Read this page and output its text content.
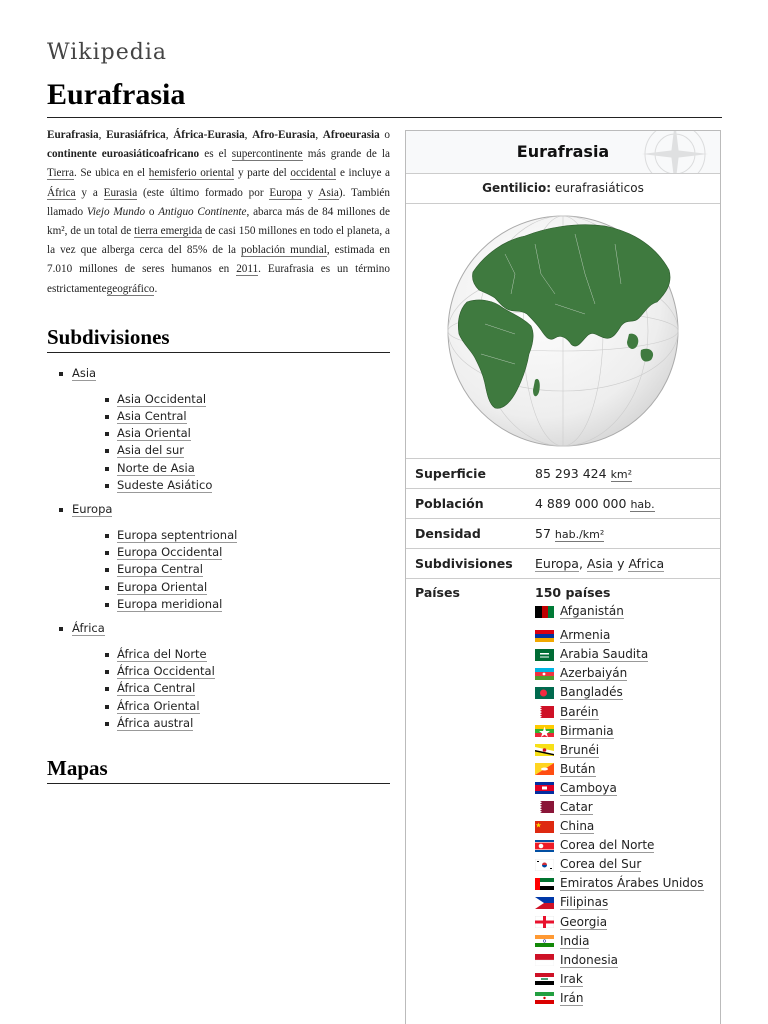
Wikipedia
Eurafrasia

Eurafrasia, Eurasiáfrica, África-Eurasia, Afro-Eurasia, Afroeurasia o continente euroasiáticoafricano es el supercontinente más grande de la Tierra. Se ubica en el hemisferio oriental y parte del occidental e incluye a África y a Eurasia (este último formado por Europa y Asia). También llamado Viejo Mundo o Antiguo Continente, abarca más de 84 millones de km², de un total de tierra emergida de casi 150 millones en todo el planeta, a la vez que alberga cerca del 85% de la población mundial, estimada en 7.010 millones de seres humanos en 2011. Eurafrasia es un término estrictamentegeográfico.

Subdivisiones
Asia
Asia Occidental
Asia Central
Asia Oriental
Asia del sur
Norte de Asia
Sudeste Asiático
Europa
Europa septentrional
Europa Occidental
Europa Central
Europa Oriental
Europa meridional
África
África del Norte
África Occidental
África Central
África Oriental
África austral
Mapas
Eurafrasia
Gentilicio: eurafrasiáticos
Superficie	85 293 424 km²
Población	4 889 000 000 hab.
Densidad	57 hab./km²
Subdivisiones	Europa, Asia y Africa
Países	150 países
Afganistán
Armenia
Arabia Saudita
Azerbaiyán
Bangladés
Baréin
Birmania
Brunéi
Bután
Camboya
Catar
China
Corea del Norte
Corea del Sur
Emiratos Árabes Unidos
Filipinas
Georgia
India
Indonesia
Irak
Irán
